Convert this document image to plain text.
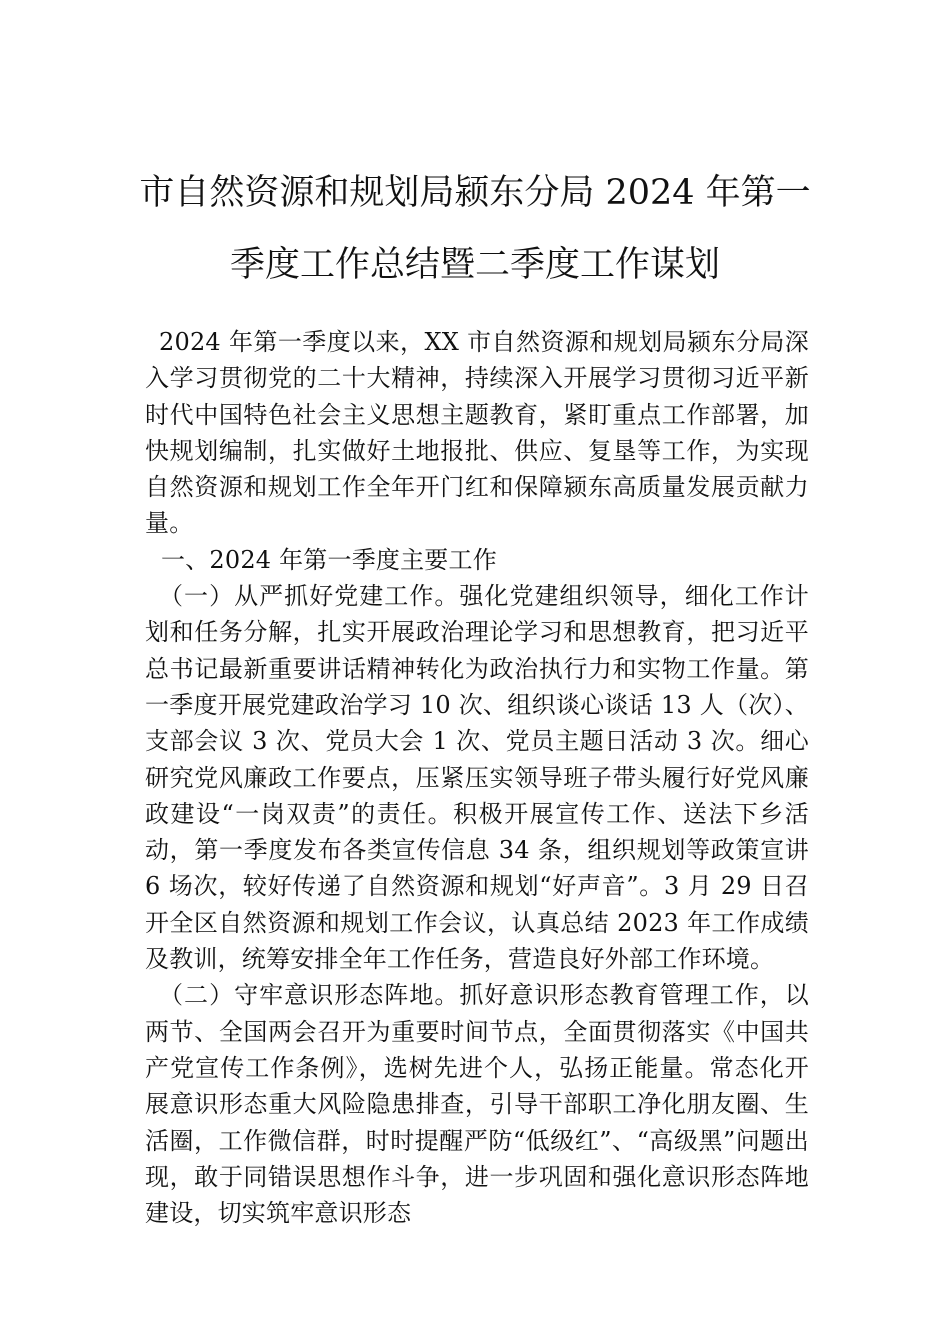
市自然资源和规划局颍东分局 2024 年第一
季度工作总结暨二季度工作谋划

2024 年第一季度以来，XX 市自然资源和规划局颍东分局深入学习贯彻党的二十大精神，持续深入开展学习贯彻习近平新时代中国特色社会主义思想主题教育，紧盯重点工作部署，加快规划编制，扎实做好土地报批、供应、复垦等工作，为实现自然资源和规划工作全年开门红和保障颍东高质量发展贡献力量。

一、2024 年第一季度主要工作

（一）从严抓好党建工作。强化党建组织领导，细化工作计划和任务分解，扎实开展政治理论学习和思想教育，把习近平总书记最新重要讲话精神转化为政治执行力和实物工作量。第一季度开展党建政治学习 10 次、组织谈心谈话 13 人（次）、支部会议 3 次、党员大会 1 次、党员主题日活动 3 次。细心研究党风廉政工作要点，压紧压实领导班子带头履行好党风廉政建设“一岗双责”的责任。积极开展宣传工作、送法下乡活动，第一季度发布各类宣传信息 34 条，组织规划等政策宣讲 6 场次，较好传递了自然资源和规划“好声音”。3 月 29 日召开全区自然资源和规划工作会议，认真总结 2023 年工作成绩及教训，统筹安排全年工作任务，营造良好外部工作环境。

（二）守牢意识形态阵地。抓好意识形态教育管理工作，以两节、全国两会召开为重要时间节点，全面贯彻落实《中国共产党宣传工作条例》，选树先进个人，弘扬正能量。常态化开展意识形态重大风险隐患排查，引导干部职工净化朋友圈、生活圈，工作微信群，时时提醒严防“低级红”、“高级黑”问题出现，敢于同错误思想作斗争，进一步巩固和强化意识形态阵地建设，切实筑牢意识形态
